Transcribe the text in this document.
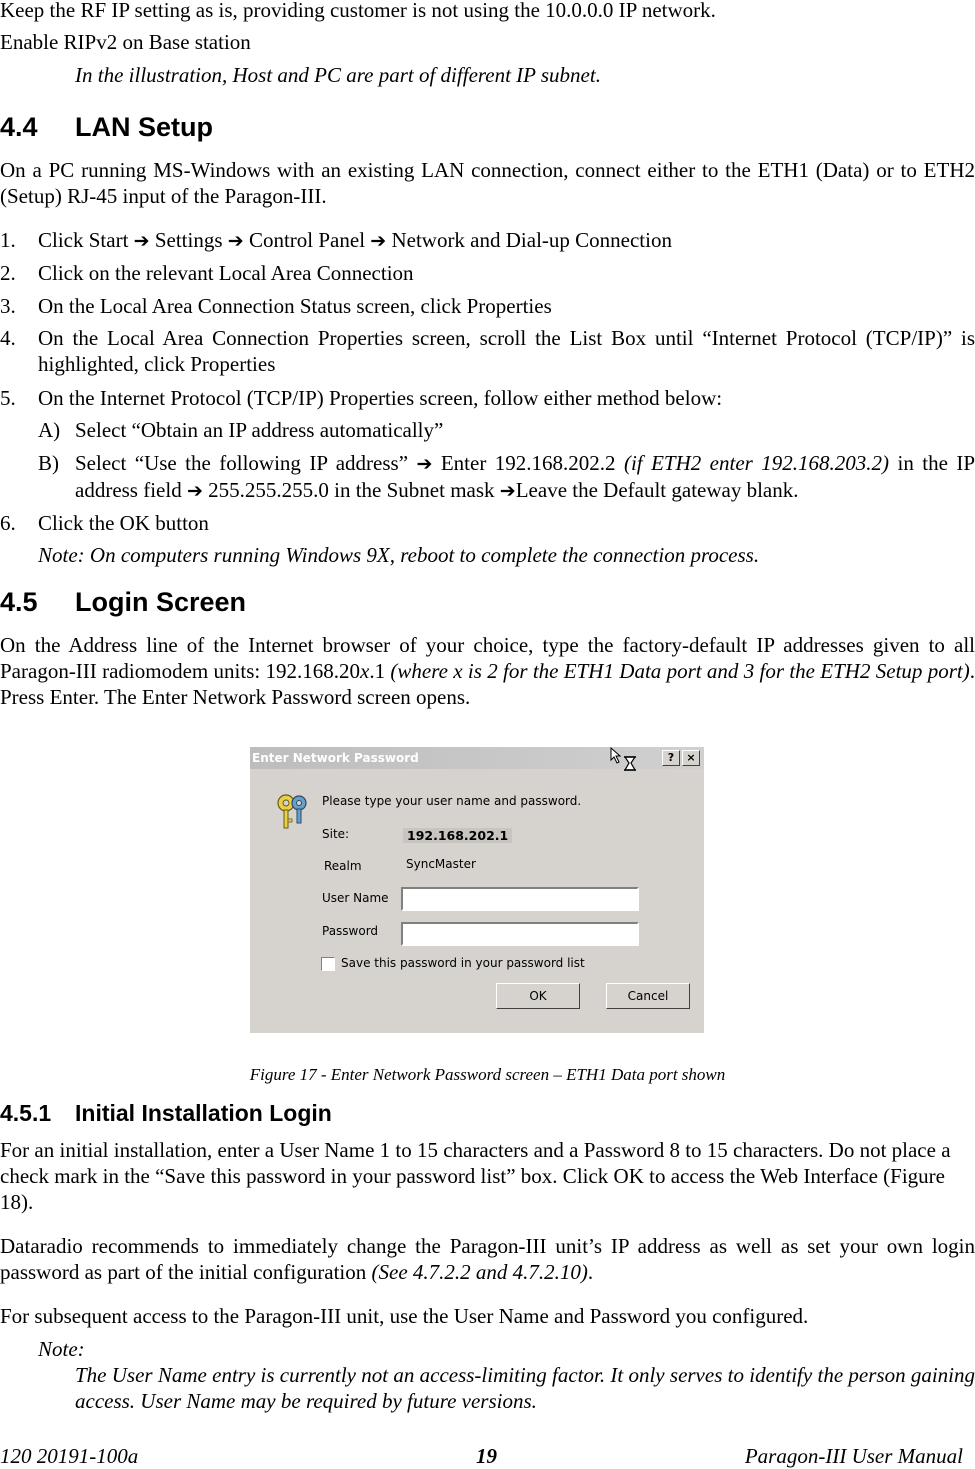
Keep the RF IP setting as is, providing customer is not using the 10.0.0.0 IP network.
Enable RIPv2 on Base station
In the illustration, Host and PC are part of different IP subnet.
4.4 LAN Setup
On a PC running MS-Windows with an existing LAN connection, connect either to the ETH1 (Data) or to ETH2 (Setup) RJ-45 input of the Paragon-III.
1. Click Start ➔ Settings ➔ Control Panel ➔ Network and Dial-up Connection
2. Click on the relevant Local Area Connection
3. On the Local Area Connection Status screen, click Properties
4. On the Local Area Connection Properties screen, scroll the List Box until “Internet Protocol (TCP/IP)” is highlighted, click Properties
5. On the Internet Protocol (TCP/IP) Properties screen, follow either method below:
A) Select “Obtain an IP address automatically”
B) Select “Use the following IP address” ➔ Enter 192.168.202.2 (if ETH2 enter 192.168.203.2) in the IP address field ➔ 255.255.255.0 in the Subnet mask ➔Leave the Default gateway blank.
6. Click the OK button
Note: On computers running Windows 9X, reboot to complete the connection process.
4.5 Login Screen
On the Address line of the Internet browser of your choice, type the factory-default IP addresses given to all Paragon-III radiomodem units: 192.168.20x.1 (where x is 2 for the ETH1 Data port and 3 for the ETH2 Setup port). Press Enter. The Enter Network Password screen opens.
Enter Network Password	?	×
Please type your user name and password.
Site:	192.168.202.1
Realm	SyncMaster
User Name
Password
Save this password in your password list
OK	Cancel
Figure 17 - Enter Network Password screen – ETH1 Data port shown
4.5.1 Initial Installation Login
For an initial installation, enter a User Name 1 to 15 characters and a Password 8 to 15 characters. Do not place a check mark in the “Save this password in your password list” box. Click OK to access the Web Interface (Figure 18).
Dataradio recommends to immediately change the Paragon-III unit’s IP address as well as set your own login password as part of the initial configuration (See 4.7.2.2 and 4.7.2.10).
For subsequent access to the Paragon-III unit, use the User Name and Password you configured.
Note:
The User Name entry is currently not an access-limiting factor. It only serves to identify the person gaining access. User Name may be required by future versions.
120 20191-100a	19	Paragon-III User Manual
